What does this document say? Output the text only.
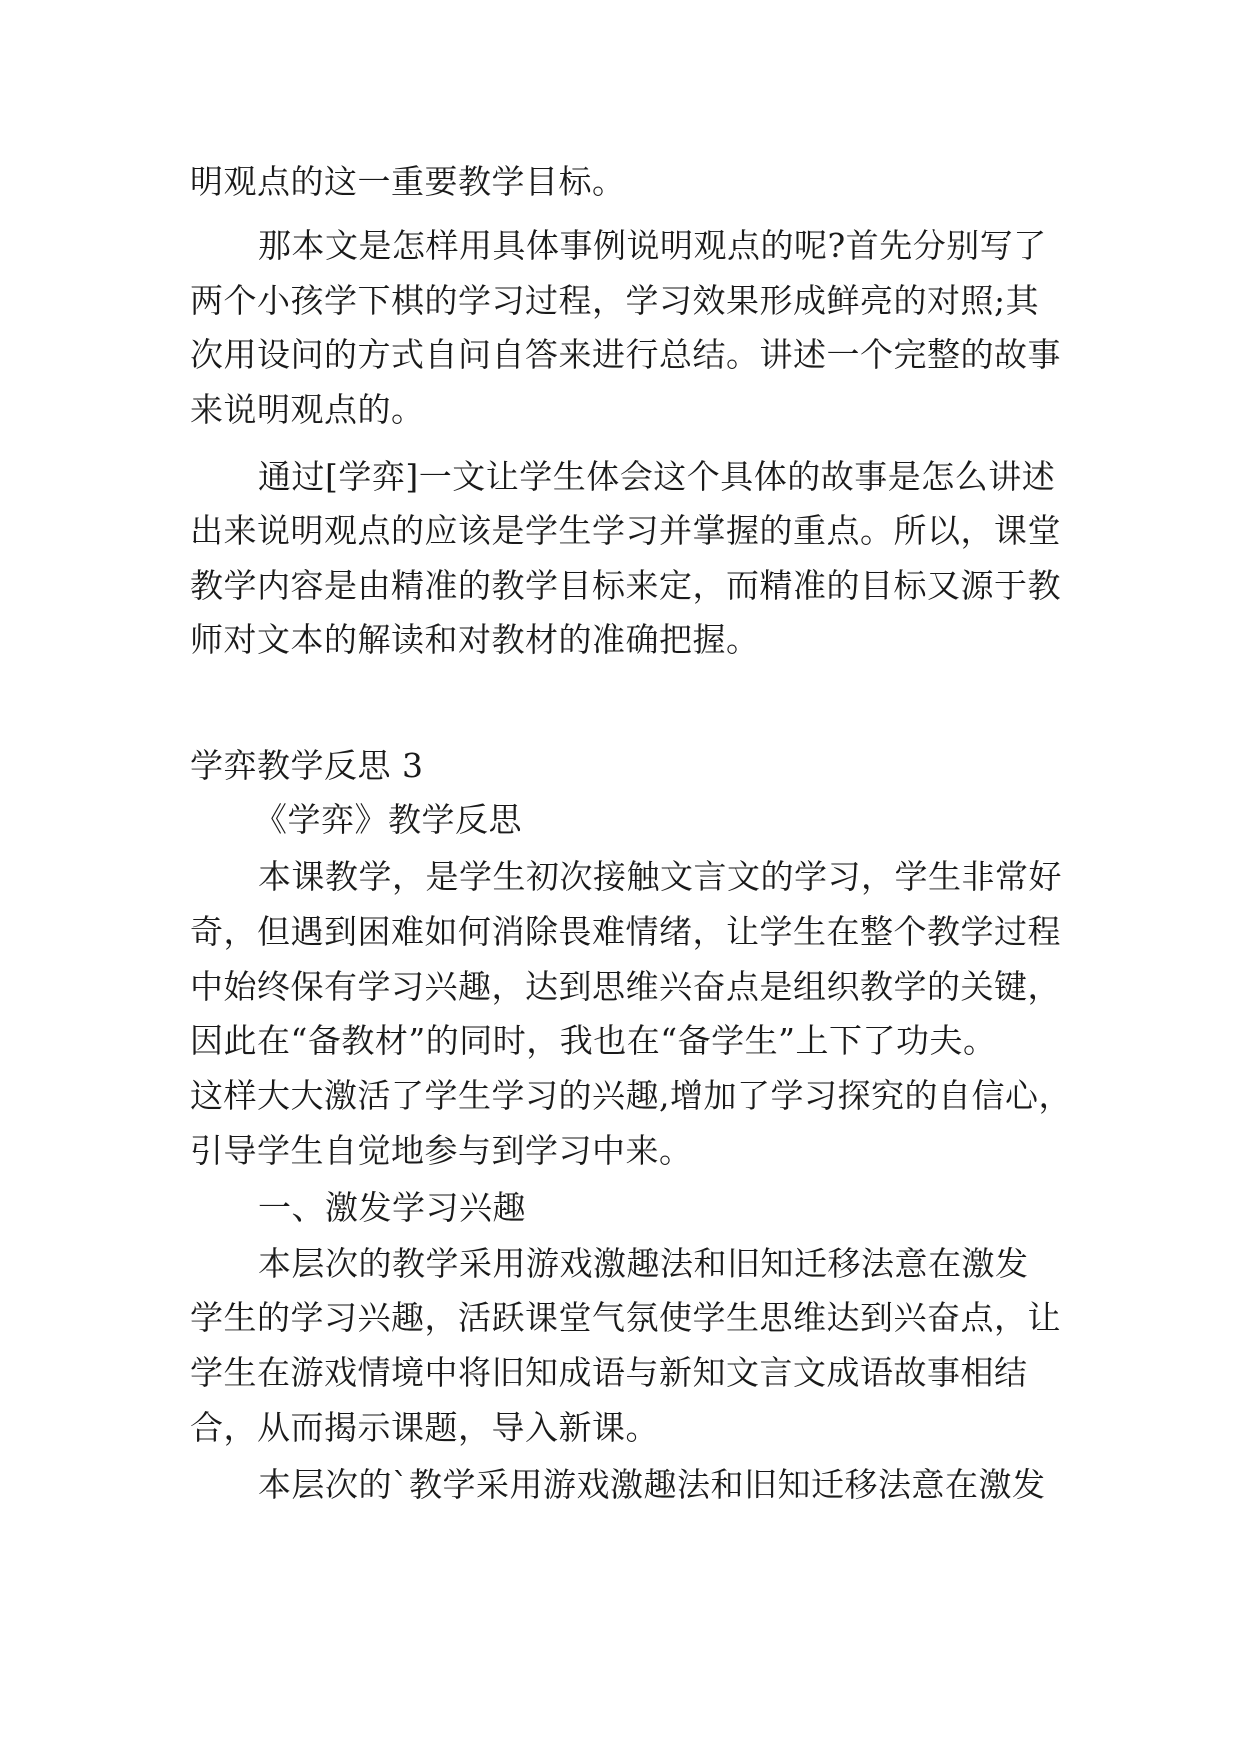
明观点的这一重要教学目标。
那本文是怎样用具体事例说明观点的呢?首先分别写了
两个小孩学下棋的学习过程，学习效果形成鲜亮的对照;其
次用设问的方式自问自答来进行总结。讲述一个完整的故事
来说明观点的。
通过[学弈]一文让学生体会这个具体的故事是怎么讲述
出来说明观点的应该是学生学习并掌握的重点。所以，课堂
教学内容是由精准的教学目标来定，而精准的目标又源于教
师对文本的解读和对教材的准确把握。
学弈教学反思 3
《学弈》教学反思
本课教学，是学生初次接触文言文的学习，学生非常好
奇，但遇到困难如何消除畏难情绪，让学生在整个教学过程
中始终保有学习兴趣，达到思维兴奋点是组织教学的关键，
因此在“备教材”的同时，我也在“备学生”上下了功夫。
这样大大激活了学生学习的兴趣,增加了学习探究的自信心，
引导学生自觉地参与到学习中来。
一、激发学习兴趣
本层次的教学采用游戏激趣法和旧知迁移法意在激发
学生的学习兴趣，活跃课堂气氛使学生思维达到兴奋点，让
学生在游戏情境中将旧知成语与新知文言文成语故事相结
合，从而揭示课题，导入新课。
本层次的`教学采用游戏激趣法和旧知迁移法意在激发
